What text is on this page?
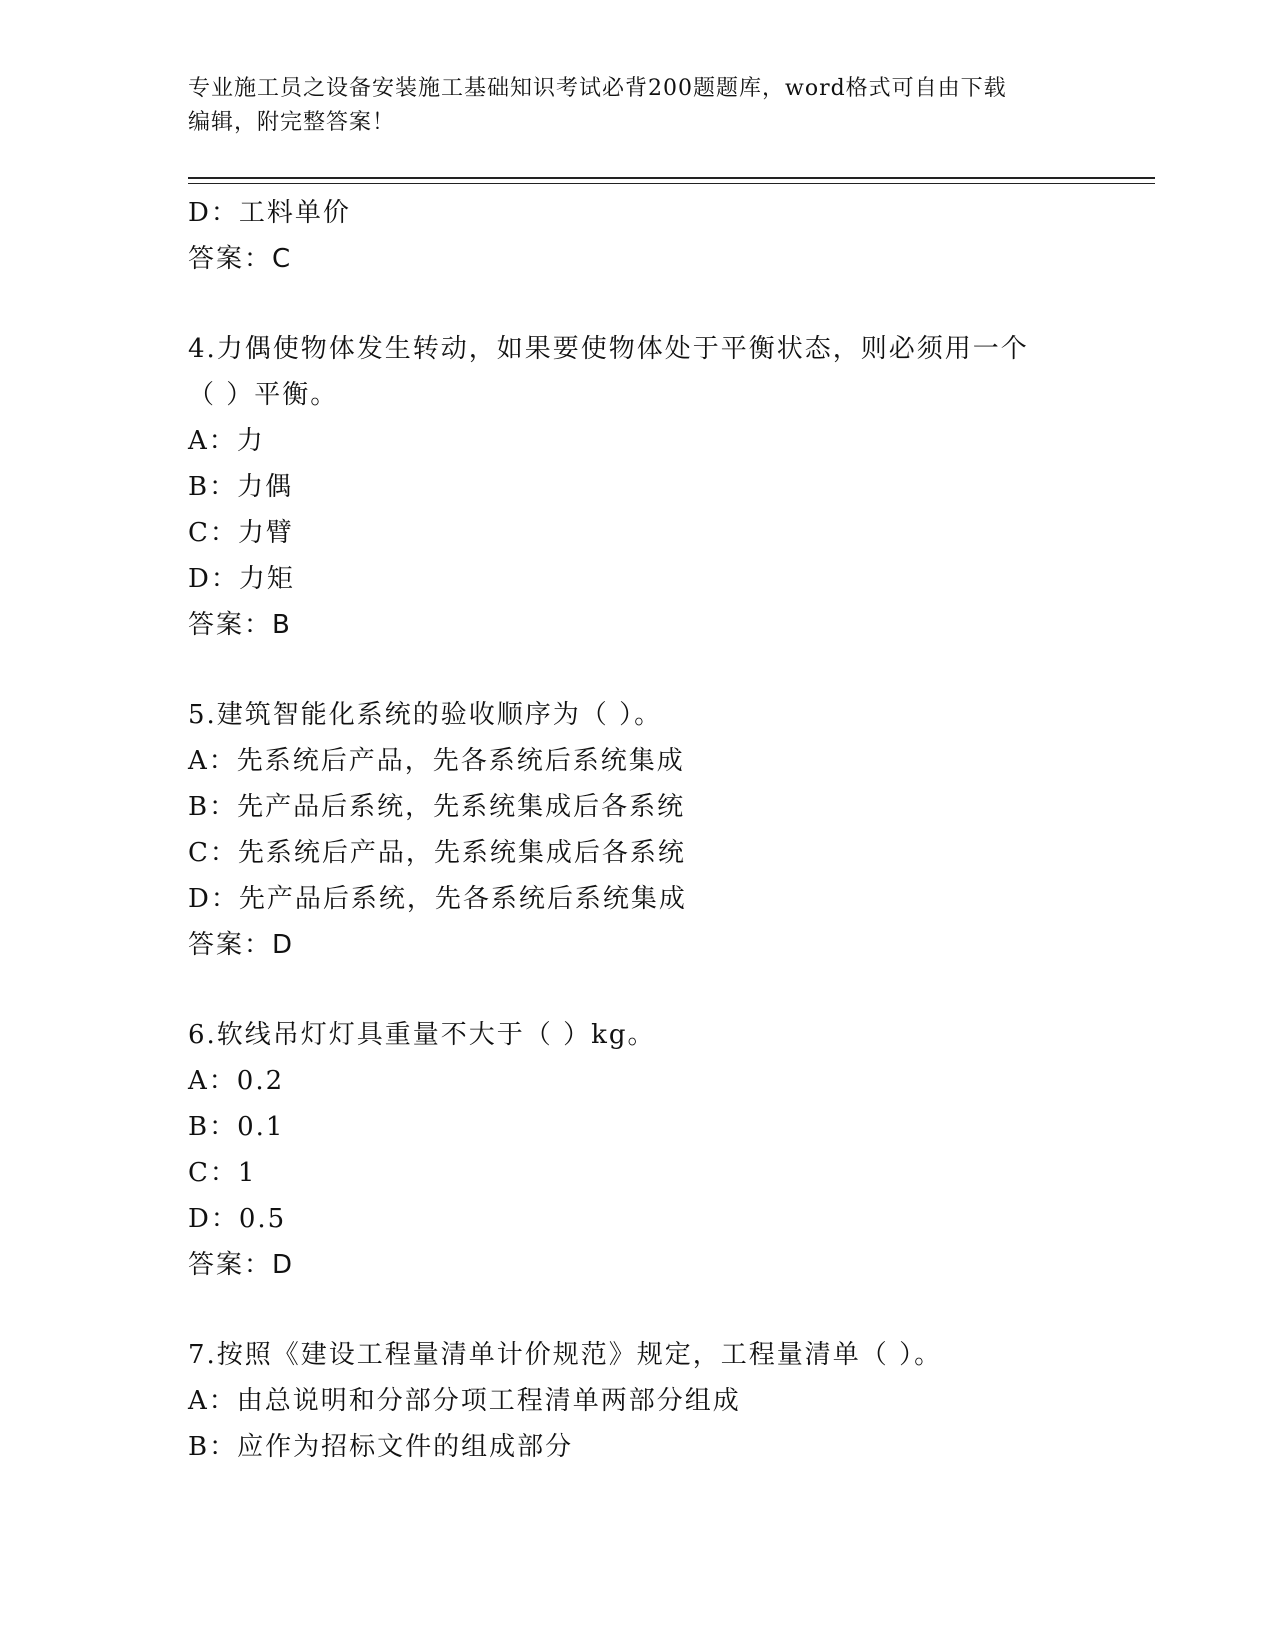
专业施工员之设备安装施工基础知识考试必背200题题库，word格式可自由下载
编辑，附完整答案！
D：工料单价
答案：C
4.力偶使物体发生转动，如果要使物体处于平衡状态，则必须用一个
（ ）平衡。
A：力
B：力偶
C：力臂
D：力矩
答案：B
5.建筑智能化系统的验收顺序为（ ）。
A：先系统后产品，先各系统后系统集成
B：先产品后系统，先系统集成后各系统
C：先系统后产品，先系统集成后各系统
D：先产品后系统，先各系统后系统集成
答案：D
6.软线吊灯灯具重量不大于（ ）kg。
A：0.2
B：0.1
C：1
D：0.5
答案：D
7.按照《建设工程量清单计价规范》规定，工程量清单（ ）。
A：由总说明和分部分项工程清单两部分组成
B：应作为招标文件的组成部分
